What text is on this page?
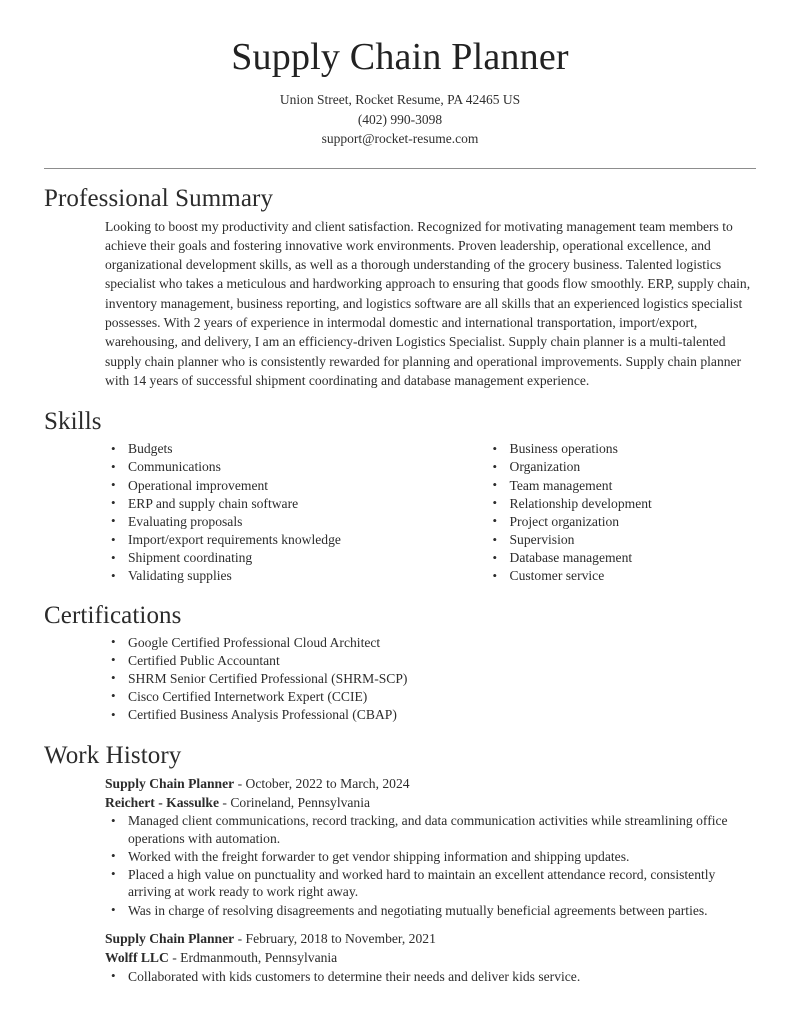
Supply Chain Planner
Union Street, Rocket Resume, PA 42465 US
(402) 990-3098
support@rocket-resume.com
Professional Summary

Looking to boost my productivity and client satisfaction. Recognized for motivating management team members to achieve their goals and fostering innovative work environments. Proven leadership, operational excellence, and organizational development skills, as well as a thorough understanding of the grocery business. Talented logistics specialist who takes a meticulous and hardworking approach to ensuring that goods flow smoothly. ERP, supply chain, inventory management, business reporting, and logistics software are all skills that an experienced logistics specialist possesses. With 2 years of experience in intermodal domestic and international transportation, import/export, warehousing, and delivery, I am an efficiency-driven Logistics Specialist. Supply chain planner is a multi-talented supply chain planner who is consistently rewarded for planning and operational improvements. Supply chain planner with 14 years of successful shipment coordinating and database management experience.

Skills
• Budgets
• Communications
• Operational improvement
• ERP and supply chain software
• Evaluating proposals
• Import/export requirements knowledge
• Shipment coordinating
• Validating supplies
• Business operations
• Organization
• Team management
• Relationship development
• Project organization
• Supervision
• Database management
• Customer service
Certifications
• Google Certified Professional Cloud Architect
• Certified Public Accountant
• SHRM Senior Certified Professional (SHRM-SCP)
• Cisco Certified Internetwork Expert (CCIE)
• Certified Business Analysis Professional (CBAP)
Work History
Supply Chain Planner - October, 2022 to March, 2024
Reichert - Kassulke - Corineland, Pennsylvania
• Managed client communications, record tracking, and data communication activities while streamlining office operations with automation.
• Worked with the freight forwarder to get vendor shipping information and shipping updates.
• Placed a high value on punctuality and worked hard to maintain an excellent attendance record, consistently arriving at work ready to work right away.
• Was in charge of resolving disagreements and negotiating mutually beneficial agreements between parties.
Supply Chain Planner - February, 2018 to November, 2021
Wolff LLC - Erdmanmouth, Pennsylvania
• Collaborated with kids customers to determine their needs and deliver kids service.
